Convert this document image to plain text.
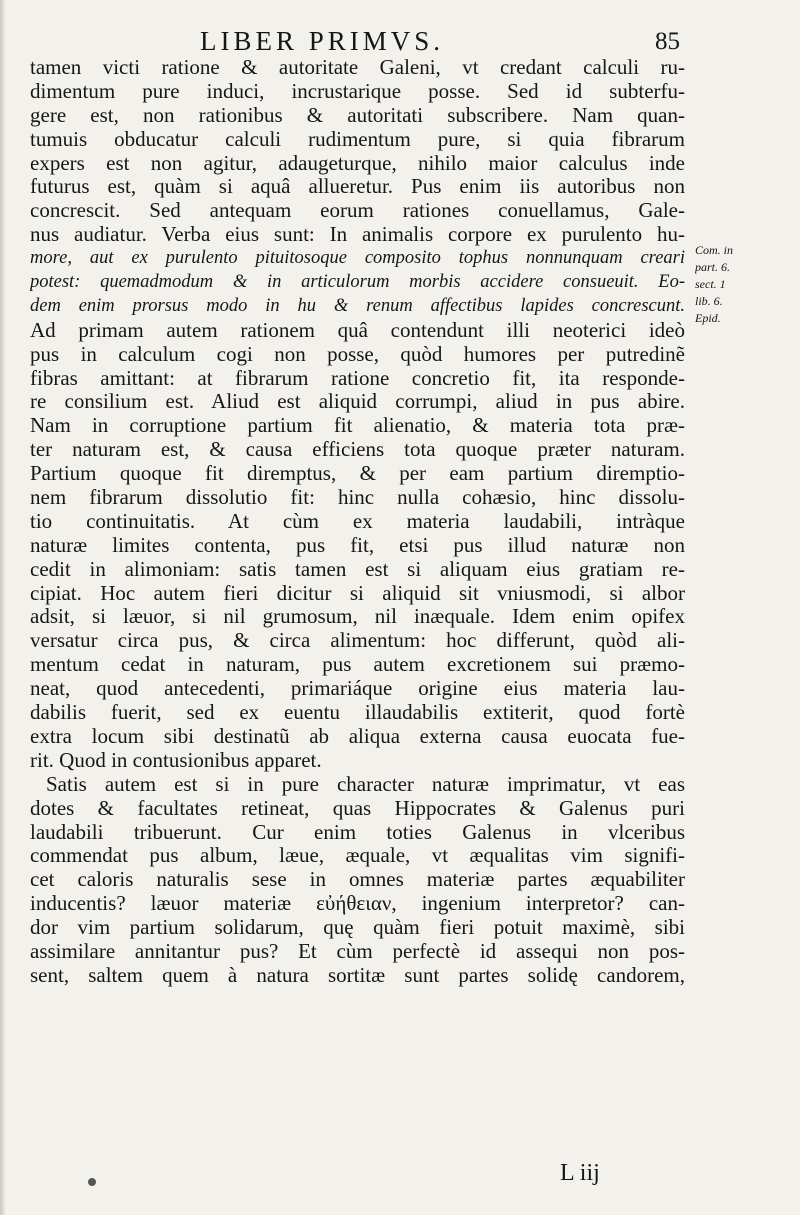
LIBER PRIMVS.	85
tamen victi ratione & autoritate Galeni, vt credant calculi ru-
dimentum pure induci, incrustarique posse. Sed id subterfu-
gere est, non rationibus & autoritati subscribere. Nam quan-
tumuis obducatur calculi rudimentum pure, si quia fibrarum
expers est non agitur, adaugeturque, nihilo maior calculus inde
futurus est, quàm si aquâ allueretur. Pus enim iis autoribus non
concrescit. Sed antequam eorum rationes conuellamus, Gale-
nus audiatur. Verba eius sunt: In animalis corpore ex purulento hu-
more, aut ex purulento pituitosoque composito tophus nonnunquam creari
potest: quemadmodum & in articulorum morbis accidere consueuit. Eo-
dem enim prorsus modo in hu & renum affectibus lapides concrescunt.
Ad primam autem rationem quâ contendunt illi neoterici ideò
pus in calculum cogi non posse, quòd humores per putredinẽ
fibras amittant: at fibrarum ratione concretio fit, ita responde-
re consilium est. Aliud est aliquid corrumpi, aliud in pus abire.
Nam in corruptione partium fit alienatio, & materia tota præ-
ter naturam est, & causa efficiens tota quoque præter naturam.
Partium quoque fit diremptus, & per eam partium diremptio-
nem fibrarum dissolutio fit: hinc nulla cohæsio, hinc dissolu-
tio continuitatis. At cùm ex materia laudabili, intràque
naturæ limites contenta, pus fit, etsi pus illud naturæ non
cedit in alimoniam: satis tamen est si aliquam eius gratiam re-
cipiat. Hoc autem fieri dicitur si aliquid sit vniusmodi, si albor
adsit, si læuor, si nil grumosum, nil inæquale. Idem enim opifex
versatur circa pus, & circa alimentum: hoc differunt, quòd ali-
mentum cedat in naturam, pus autem excretionem sui præmo-
neat, quod antecedenti, primariáque origine eius materia lau-
dabilis fuerit, sed ex euentu illaudabilis extiterit, quod fortè
extra locum sibi destinatũ ab aliqua externa causa euocata fue-
rit. Quod in contusionibus apparet.
Satis autem est si in pure character naturæ imprimatur, vt eas
dotes & facultates retineat, quas Hippocrates & Galenus puri
laudabili tribuerunt. Cur enim toties Galenus in vlceribus
commendat pus album, læue, æquale, vt æqualitas vim signifi-
cet caloris naturalis sese in omnes materiæ partes æquabiliter
inducentis? læuor materiæ εὐήθειαν, ingenium interpretor? can-
dor vim partium solidarum, quę quàm fieri potuit maximè, sibi
assimilare annitantur pus? Et cùm perfectè id assequi non pos-
sent, saltem quem à natura sortitæ sunt partes solidę candorem,
Com. in
part. 6.
sect. 1
lib. 6.
Epid.
L iij
